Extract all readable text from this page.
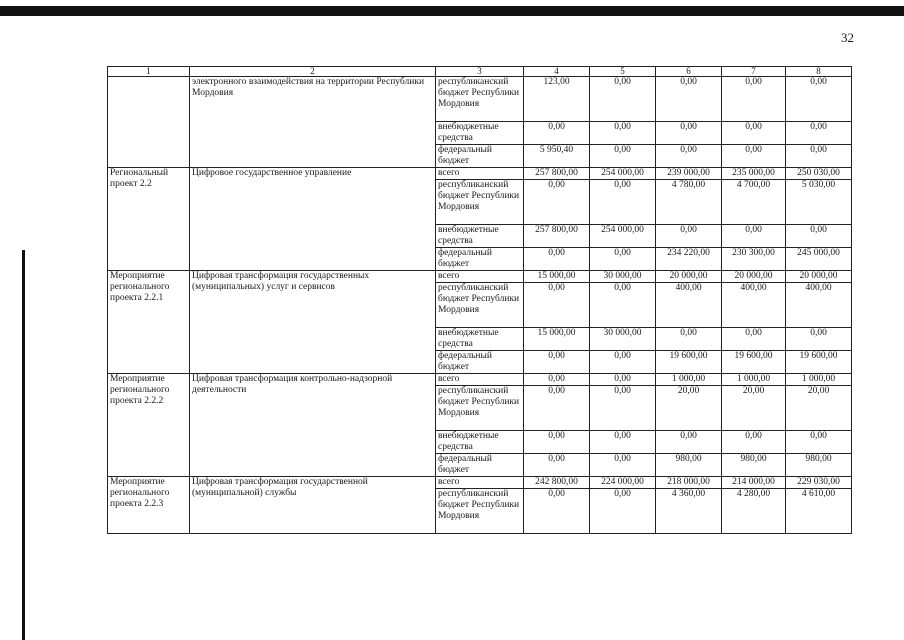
32
1	2	3	4	5	6	7	8
	электронного взаимодействия на территории Республики Мордовия	республиканский бюджет Республики Мордовия	123,00	0,00	0,00	0,00	0,00
		внебюджетные средства	0,00	0,00	0,00	0,00	0,00
		федеральный бюджет	5 950,40	0,00	0,00	0,00	0,00
Региональный проект 2.2	Цифровое государственное управление	всего	257 800,00	254 000,00	239 000,00	235 000,00	250 030,00
		республиканский бюджет Республики Мордовия	0,00	0,00	4 780,00	4 700,00	5 030,00
		внебюджетные средства	257 800,00	254 000,00	0,00	0,00	0,00
		федеральный бюджет	0,00	0,00	234 220,00	230 300,00	245 000,00
Мероприятие регионального проекта 2.2.1	Цифровая трансформация государственных (муниципальных) услуг и сервисов	всего	15 000,00	30 000,00	20 000,00	20 000,00	20 000,00
		республиканский бюджет Республики Мордовия	0,00	0,00	400,00	400,00	400,00
		внебюджетные средства	15 000,00	30 000,00	0,00	0,00	0,00
		федеральный бюджет	0,00	0,00	19 600,00	19 600,00	19 600,00
Мероприятие регионального проекта 2.2.2	Цифровая трансформация контрольно-надзорной деятельности	всего	0,00	0,00	1 000,00	1 000,00	1 000,00
		республиканский бюджет Республики Мордовия	0,00	0,00	20,00	20,00	20,00
		внебюджетные средства	0,00	0,00	0,00	0,00	0,00
		федеральный бюджет	0,00	0,00	980,00	980,00	980,00
Мероприятие регионального проекта 2.2.3	Цифровая трансформация государственной (муниципальной) службы	всего	242 800,00	224 000,00	218 000,00	214 000,00	229 030,00
		республиканский бюджет Республики Мордовия	0,00	0,00	4 360,00	4 280,00	4 610,00
